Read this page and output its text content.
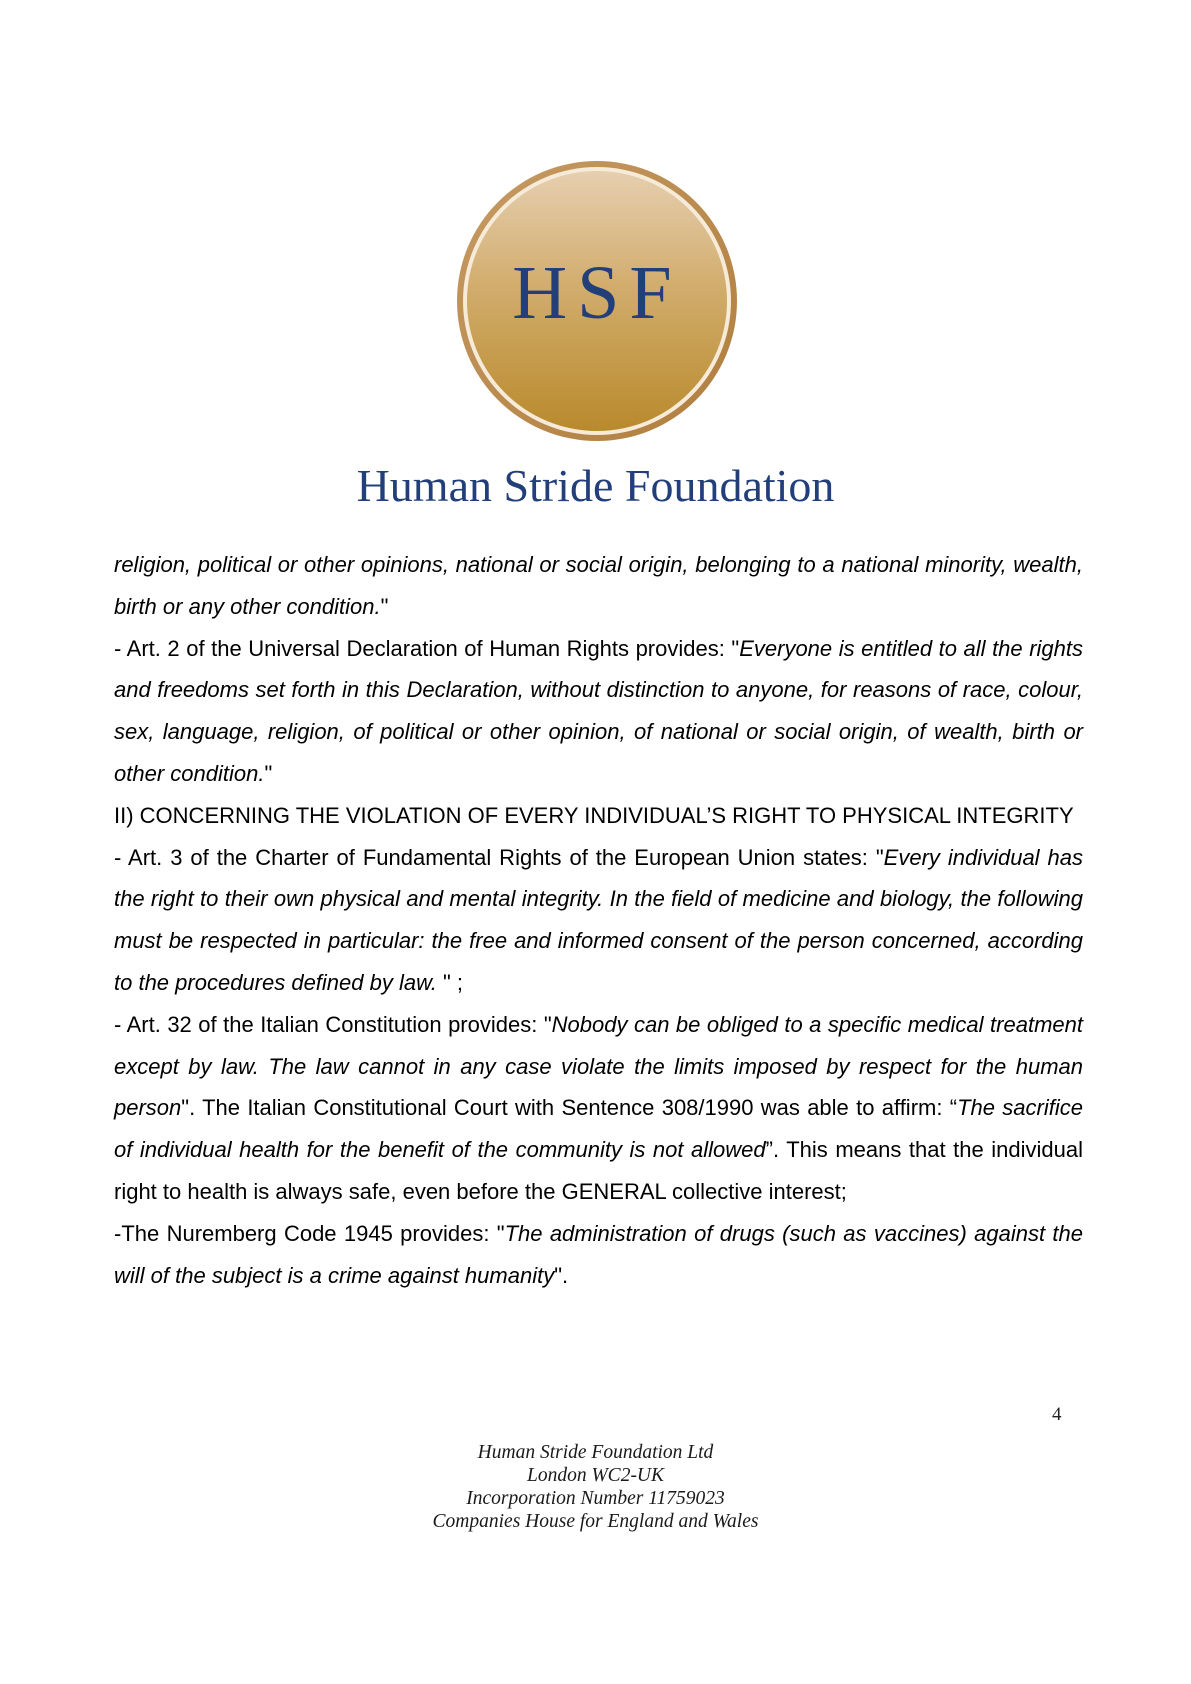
HSF
Human Stride Foundation

religion, political or other opinions, national or social origin, belonging to a national minority, wealth, birth or any other condition."

- Art. 2 of the Universal Declaration of Human Rights provides: "Everyone is entitled to all the rights and freedoms set forth in this Declaration, without distinction to anyone, for reasons of race, colour, sex, language, religion, of political or other opinion, of national or social origin, of wealth, birth or other condition."

II) CONCERNING THE VIOLATION OF EVERY INDIVIDUAL’S RIGHT TO PHYSICAL INTEGRITY

- Art. 3 of the Charter of Fundamental Rights of the European Union states: "Every individual has the right to their own physical and mental integrity. In the field of medicine and biology, the following must be respected in particular: the free and informed consent of the person concerned, according to the procedures defined by law. " ;

- Art. 32 of the Italian Constitution provides: "Nobody can be obliged to a specific medical treatment except by law. The law cannot in any case violate the limits imposed by respect for the human person". The Italian Constitutional Court with Sentence 308/1990 was able to affirm: “The sacrifice of individual health for the benefit of the community is not allowed”. This means that the individual right to health is always safe, even before the GENERAL collective interest;

-The Nuremberg Code 1945 provides: "The administration of drugs (such as vaccines) against the will of the subject is a crime against humanity".

4
Human Stride Foundation Ltd
London WC2-UK
Incorporation Number 11759023
Companies House for England and Wales
